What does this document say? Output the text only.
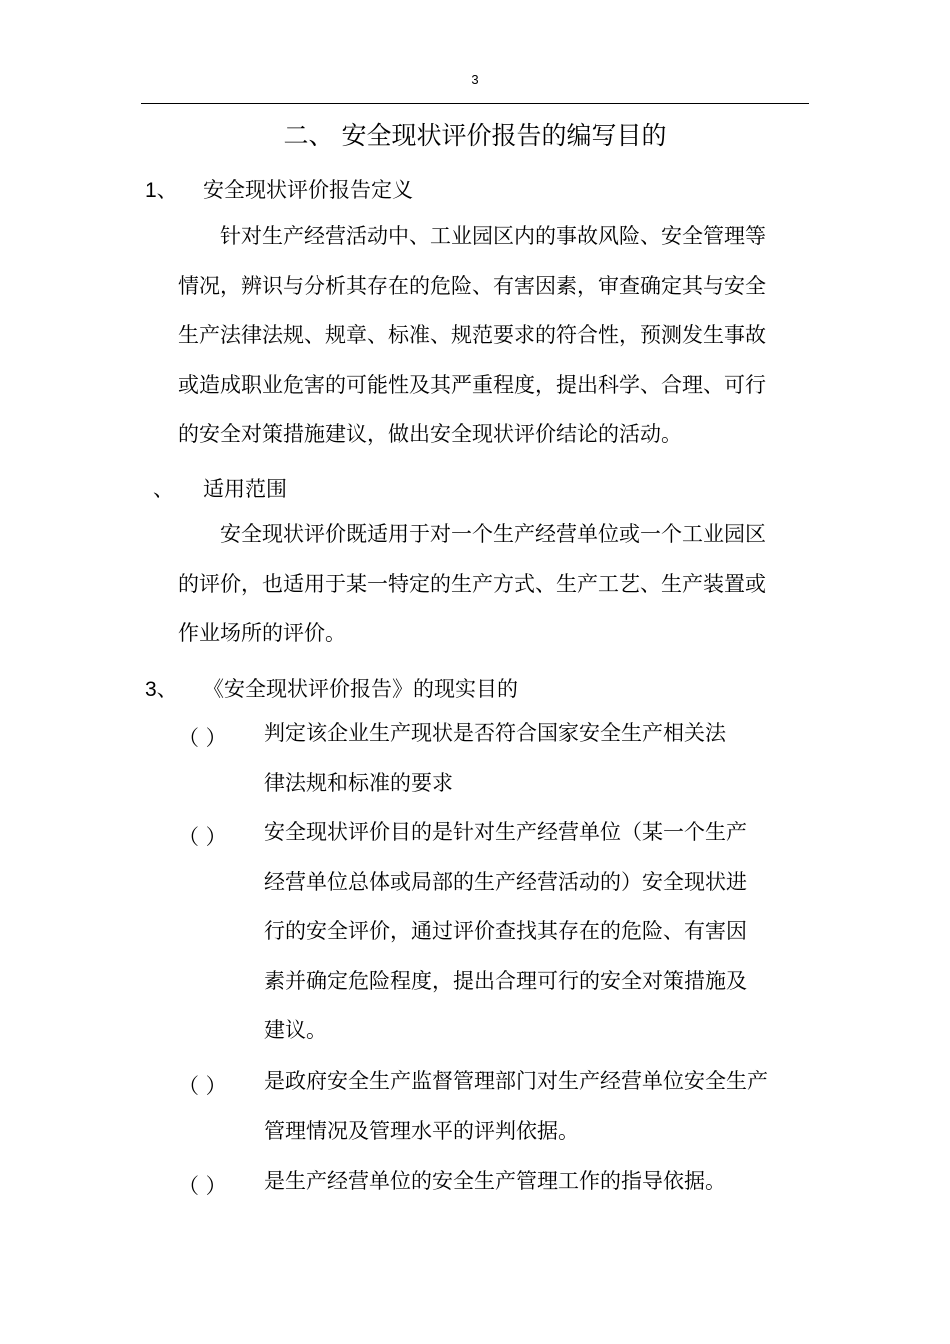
3
二、 安全现状评价报告的编写目的
1、 安全现状评价报告定义
针对生产经营活动中、工业园区内的事故风险、安全管理等
情况，辨识与分析其存在的危险、有害因素，审查确定其与安全
生产法律法规、规章、标准、规范要求的符合性，预测发生事故
或造成职业危害的可能性及其严重程度，提出科学、合理、可行
的安全对策措施建议，做出安全现状评价结论的活动。
、 适用范围
安全现状评价既适用于对一个生产经营单位或一个工业园区
的评价，也适用于某一特定的生产方式、生产工艺、生产装置或
作业场所的评价。
3、 《安全现状评价报告》的现实目的
（ ） 判定该企业生产现状是否符合国家安全生产相关法
律法规和标准的要求
（ ） 安全现状评价目的是针对生产经营单位（某一个生产
经营单位总体或局部的生产经营活动的）安全现状进
行的安全评价，通过评价查找其存在的危险、有害因
素并确定危险程度，提出合理可行的安全对策措施及
建议。
（ ） 是政府安全生产监督管理部门对生产经营单位安全生产
管理情况及管理水平的评判依据。
（ ） 是生产经营单位的安全生产管理工作的指导依据。
